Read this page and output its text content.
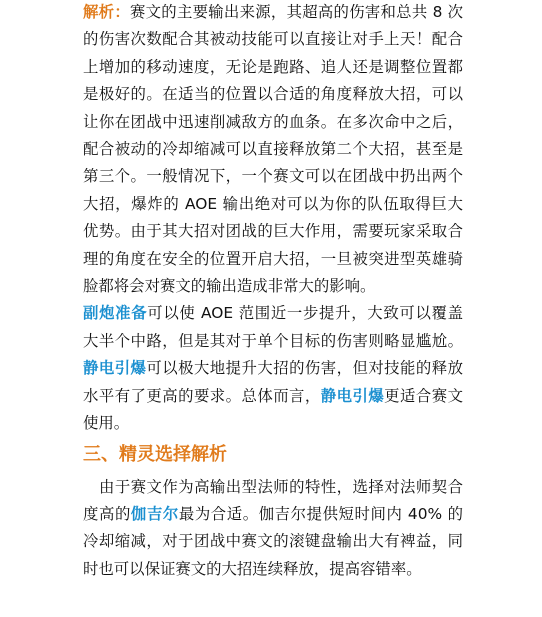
解析：赛文的主要输出来源，其超高的伤害和总共 8 次的伤害次数配合其被动技能可以直接让对手上天！配合上增加的移动速度，无论是跑路、追人还是调整位置都是极好的。在适当的位置以合适的角度释放大招，可以让你在团战中迅速削减敌方的血条。在多次命中之后，配合被动的冷却缩减可以直接释放第二个大招，甚至是第三个。一般情况下，一个赛文可以在团战中扔出两个大招，爆炸的 AOE 输出绝对可以为你的队伍取得巨大优势。由于其大招对团战的巨大作用，需要玩家采取合理的角度在安全的位置开启大招，一旦被突进型英雄骑脸都将会对赛文的输出造成非常大的影响。

副炮准备可以使 AOE 范围近一步提升，大致可以覆盖大半个中路，但是其对于单个目标的伤害则略显尴尬。静电引爆可以极大地提升大招的伤害，但对技能的释放水平有了更高的要求。总体而言，静电引爆更适合赛文使用。

三、精灵选择解析

由于赛文作为高输出型法师的特性，选择对法师契合度高的伽吉尔最为合适。伽吉尔提供短时间内 40% 的冷却缩减，对于团战中赛文的滚键盘输出大有裨益，同时也可以保证赛文的大招连续释放，提高容错率。
